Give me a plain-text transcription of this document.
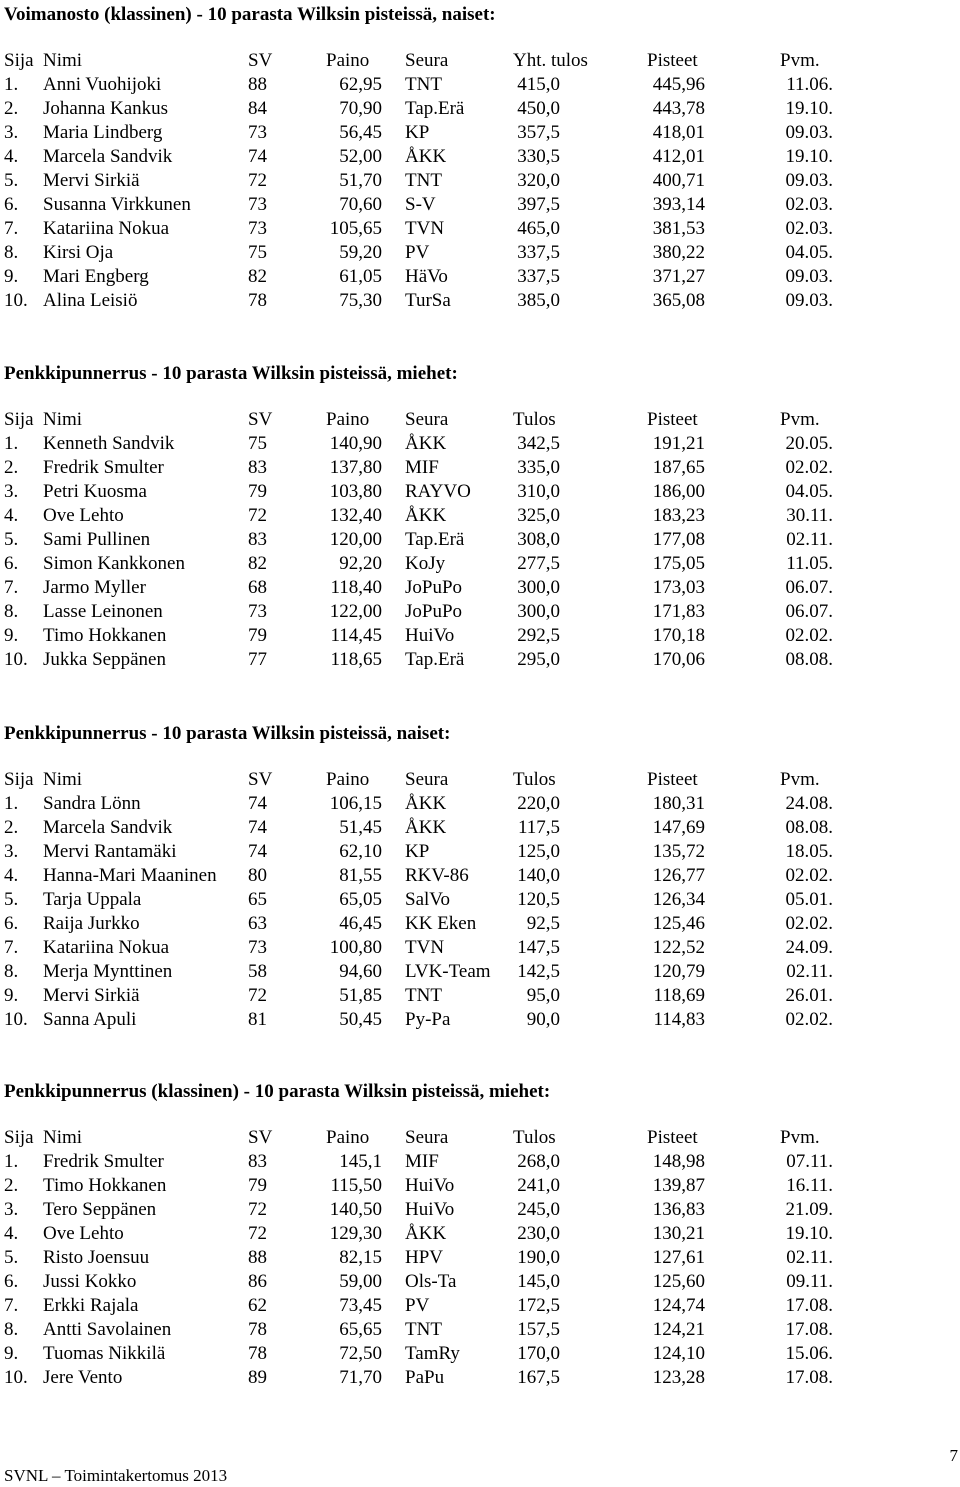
Voimanosto (klassinen) - 10 parasta Wilksin pisteissä, naiset:
Sija Nimi	SV	Paino Seura	Yht. tulos	Pisteet	Pvm.
1. Anni Vuohijoki	88	62,95 TNT	415,0	445,96	11.06.
2. Johanna Kankus	84	70,90 Tap.Erä	450,0	443,78	19.10.
3. Maria Lindberg	73	56,45 KP	357,5	418,01	09.03.
4. Marcela Sandvik	74	52,00 ÅKK	330,5	412,01	19.10.
5. Mervi Sirkiä	72	51,70 TNT	320,0	400,71	09.03.
6. Susanna Virkkunen	73	70,60 S-V	397,5	393,14	02.03.
7. Katariina Nokua	73	105,65 TVN	465,0	381,53	02.03.
8. Kirsi Oja	75	59,20 PV	337,5	380,22	04.05.
9. Mari Engberg	82	61,05 HäVo	337,5	371,27	09.03.
10. Alina Leisiö	78	75,30 TurSa	385,0	365,08	09.03.
Penkkipunnerrus - 10 parasta Wilksin pisteissä, miehet:
Sija Nimi	SV	Paino Seura	Tulos	Pisteet	Pvm.
1. Kenneth Sandvik	75	140,90 ÅKK	342,5	191,21	20.05.
2. Fredrik Smulter	83	137,80 MIF	335,0	187,65	02.02.
3. Petri Kuosma	79	103,80 RAYVO 310,0	186,00	04.05.
4. Ove Lehto	72	132,40 ÅKK	325,0	183,23	30.11.
5. Sami Pullinen	83	120,00 Tap.Erä	308,0	177,08	02.11.
6. Simon Kankkonen	82	92,20 KoJy	277,5	175,05	11.05.
7. Jarmo Myller	68	118,40 JoPuPo	300,0	173,03	06.07.
8. Lasse Leinonen	73	122,00 JoPuPo	300,0	171,83	06.07.
9. Timo Hokkanen	79	114,45 HuiVo	292,5	170,18	02.02.
10. Jukka Seppänen	77	118,65 Tap.Erä	295,0	170,06	08.08.
Penkkipunnerrus - 10 parasta Wilksin pisteissä, naiset:
Sija Nimi	SV	Paino Seura	Tulos	Pisteet	Pvm.
1. Sandra Lönn	74	106,15 ÅKK	220,0	180,31	24.08.
2. Marcela Sandvik	74	51,45 ÅKK	117,5	147,69	08.08.
3. Mervi Rantamäki	74	62,10 KP	125,0	135,72	18.05.
4. Hanna-Mari Maaninen 80	81,55 RKV-86	140,0	126,77	02.02.
5. Tarja Uppala	65	65,05 SalVo	120,5	126,34	05.01.
6. Raija Jurkko	63	46,45 KK Eken	92,5	125,46	02.02.
7. Katariina Nokua	73	100,80 TVN	147,5	122,52	24.09.
8. Merja Mynttinen	58	94,60 LVK-Team 142,5	120,79	02.11.
9. Mervi Sirkiä	72	51,85 TNT	95,0	118,69	26.01.
10. Sanna Apuli	81	50,45 Py-Pa	90,0	114,83	02.02.
Penkkipunnerrus (klassinen) - 10 parasta Wilksin pisteissä, miehet:
Sija Nimi	SV	Paino Seura	Tulos	Pisteet	Pvm.
1. Fredrik Smulter	83	145,1 MIF	268,0	148,98	07.11.
2. Timo Hokkanen	79	115,50 HuiVo	241,0	139,87	16.11.
3. Tero Seppänen	72	140,50 HuiVo	245,0	136,83	21.09.
4. Ove Lehto	72	129,30 ÅKK	230,0	130,21	19.10.
5. Risto Joensuu	88	82,15 HPV	190,0	127,61	02.11.
6. Jussi Kokko	86	59,00 Ols-Ta	145,0	125,60	09.11.
7. Erkki Rajala	62	73,45 PV	172,5	124,74	17.08.
8. Antti Savolainen	78	65,65 TNT	157,5	124,21	17.08.
9. Tuomas Nikkilä	78	72,50 TamRy	170,0	124,10	15.06.
10. Jere Vento	89	71,70 PaPu	167,5	123,28	17.08.
SVNL – Toimintakertomus 2013
7
